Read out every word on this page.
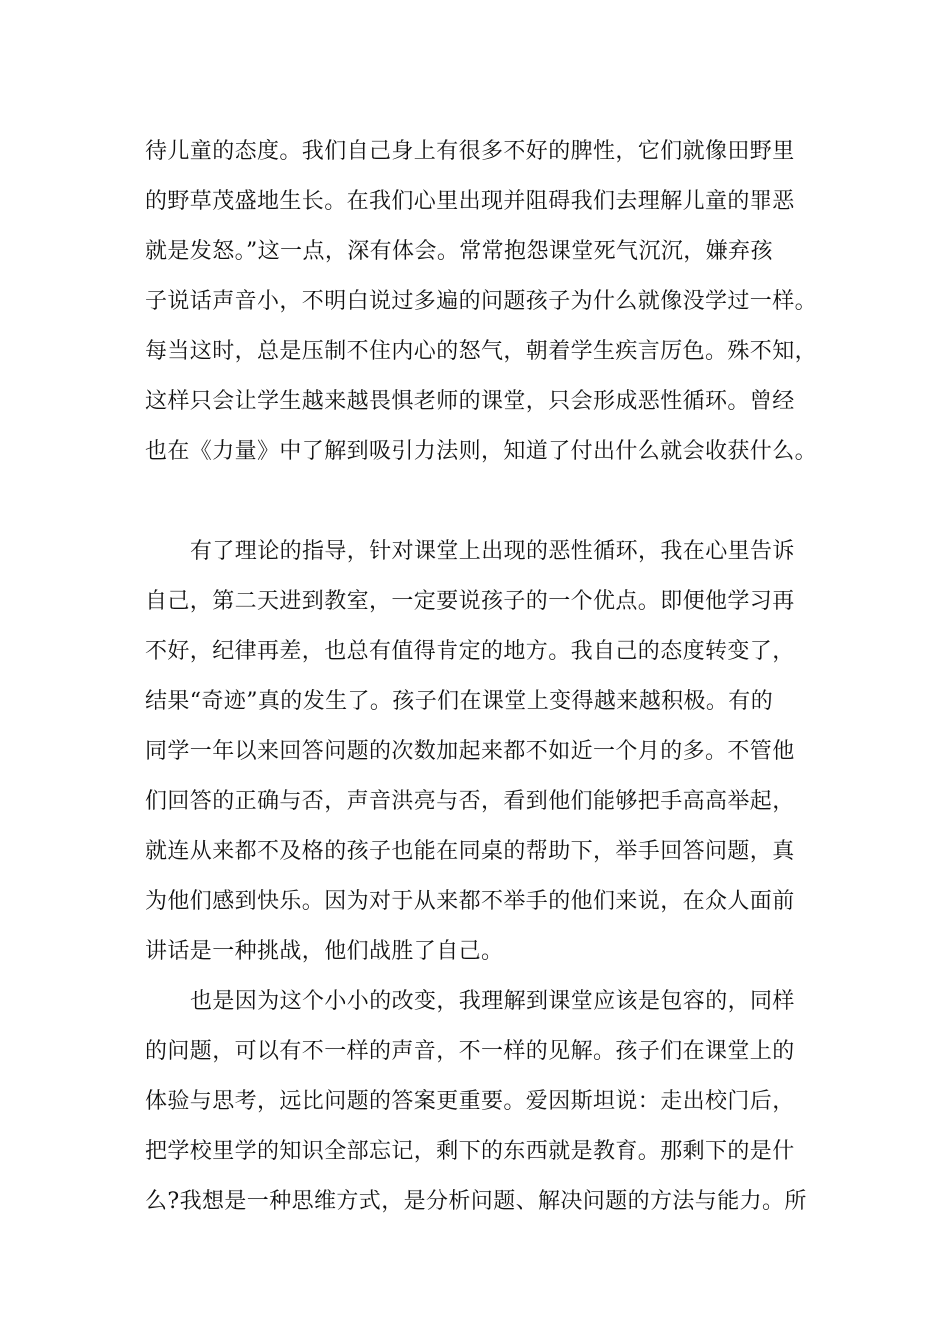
待儿童的态度。我们自己身上有很多不好的脾性，它们就像田野里
的野草茂盛地生长。在我们心里出现并阻碍我们去理解儿童的罪恶
就是发怒。”这一点，深有体会。常常抱怨课堂死气沉沉，嫌弃孩
子说话声音小，不明白说过多遍的问题孩子为什么就像没学过一样。
每当这时，总是压制不住内心的怒气，朝着学生疾言厉色。殊不知，
这样只会让学生越来越畏惧老师的课堂，只会形成恶性循环。曾经
也在《力量》中了解到吸引力法则，知道了付出什么就会收获什么。
有了理论的指导，针对课堂上出现的恶性循环，我在心里告诉
自己，第二天进到教室，一定要说孩子的一个优点。即便他学习再
不好，纪律再差，也总有值得肯定的地方。我自己的态度转变了，
结果“奇迹”真的发生了。孩子们在课堂上变得越来越积极。有的
同学一年以来回答问题的次数加起来都不如近一个月的多。不管他
们回答的正确与否，声音洪亮与否，看到他们能够把手高高举起，
就连从来都不及格的孩子也能在同桌的帮助下，举手回答问题，真
为他们感到快乐。因为对于从来都不举手的他们来说，在众人面前
讲话是一种挑战，他们战胜了自己。
也是因为这个小小的改变，我理解到课堂应该是包容的，同样
的问题，可以有不一样的声音，不一样的见解。孩子们在课堂上的
体验与思考，远比问题的答案更重要。爱因斯坦说：走出校门后，
把学校里学的知识全部忘记，剩下的东西就是教育。那剩下的是什
么?我想是一种思维方式，是分析问题、解决问题的方法与能力。所
